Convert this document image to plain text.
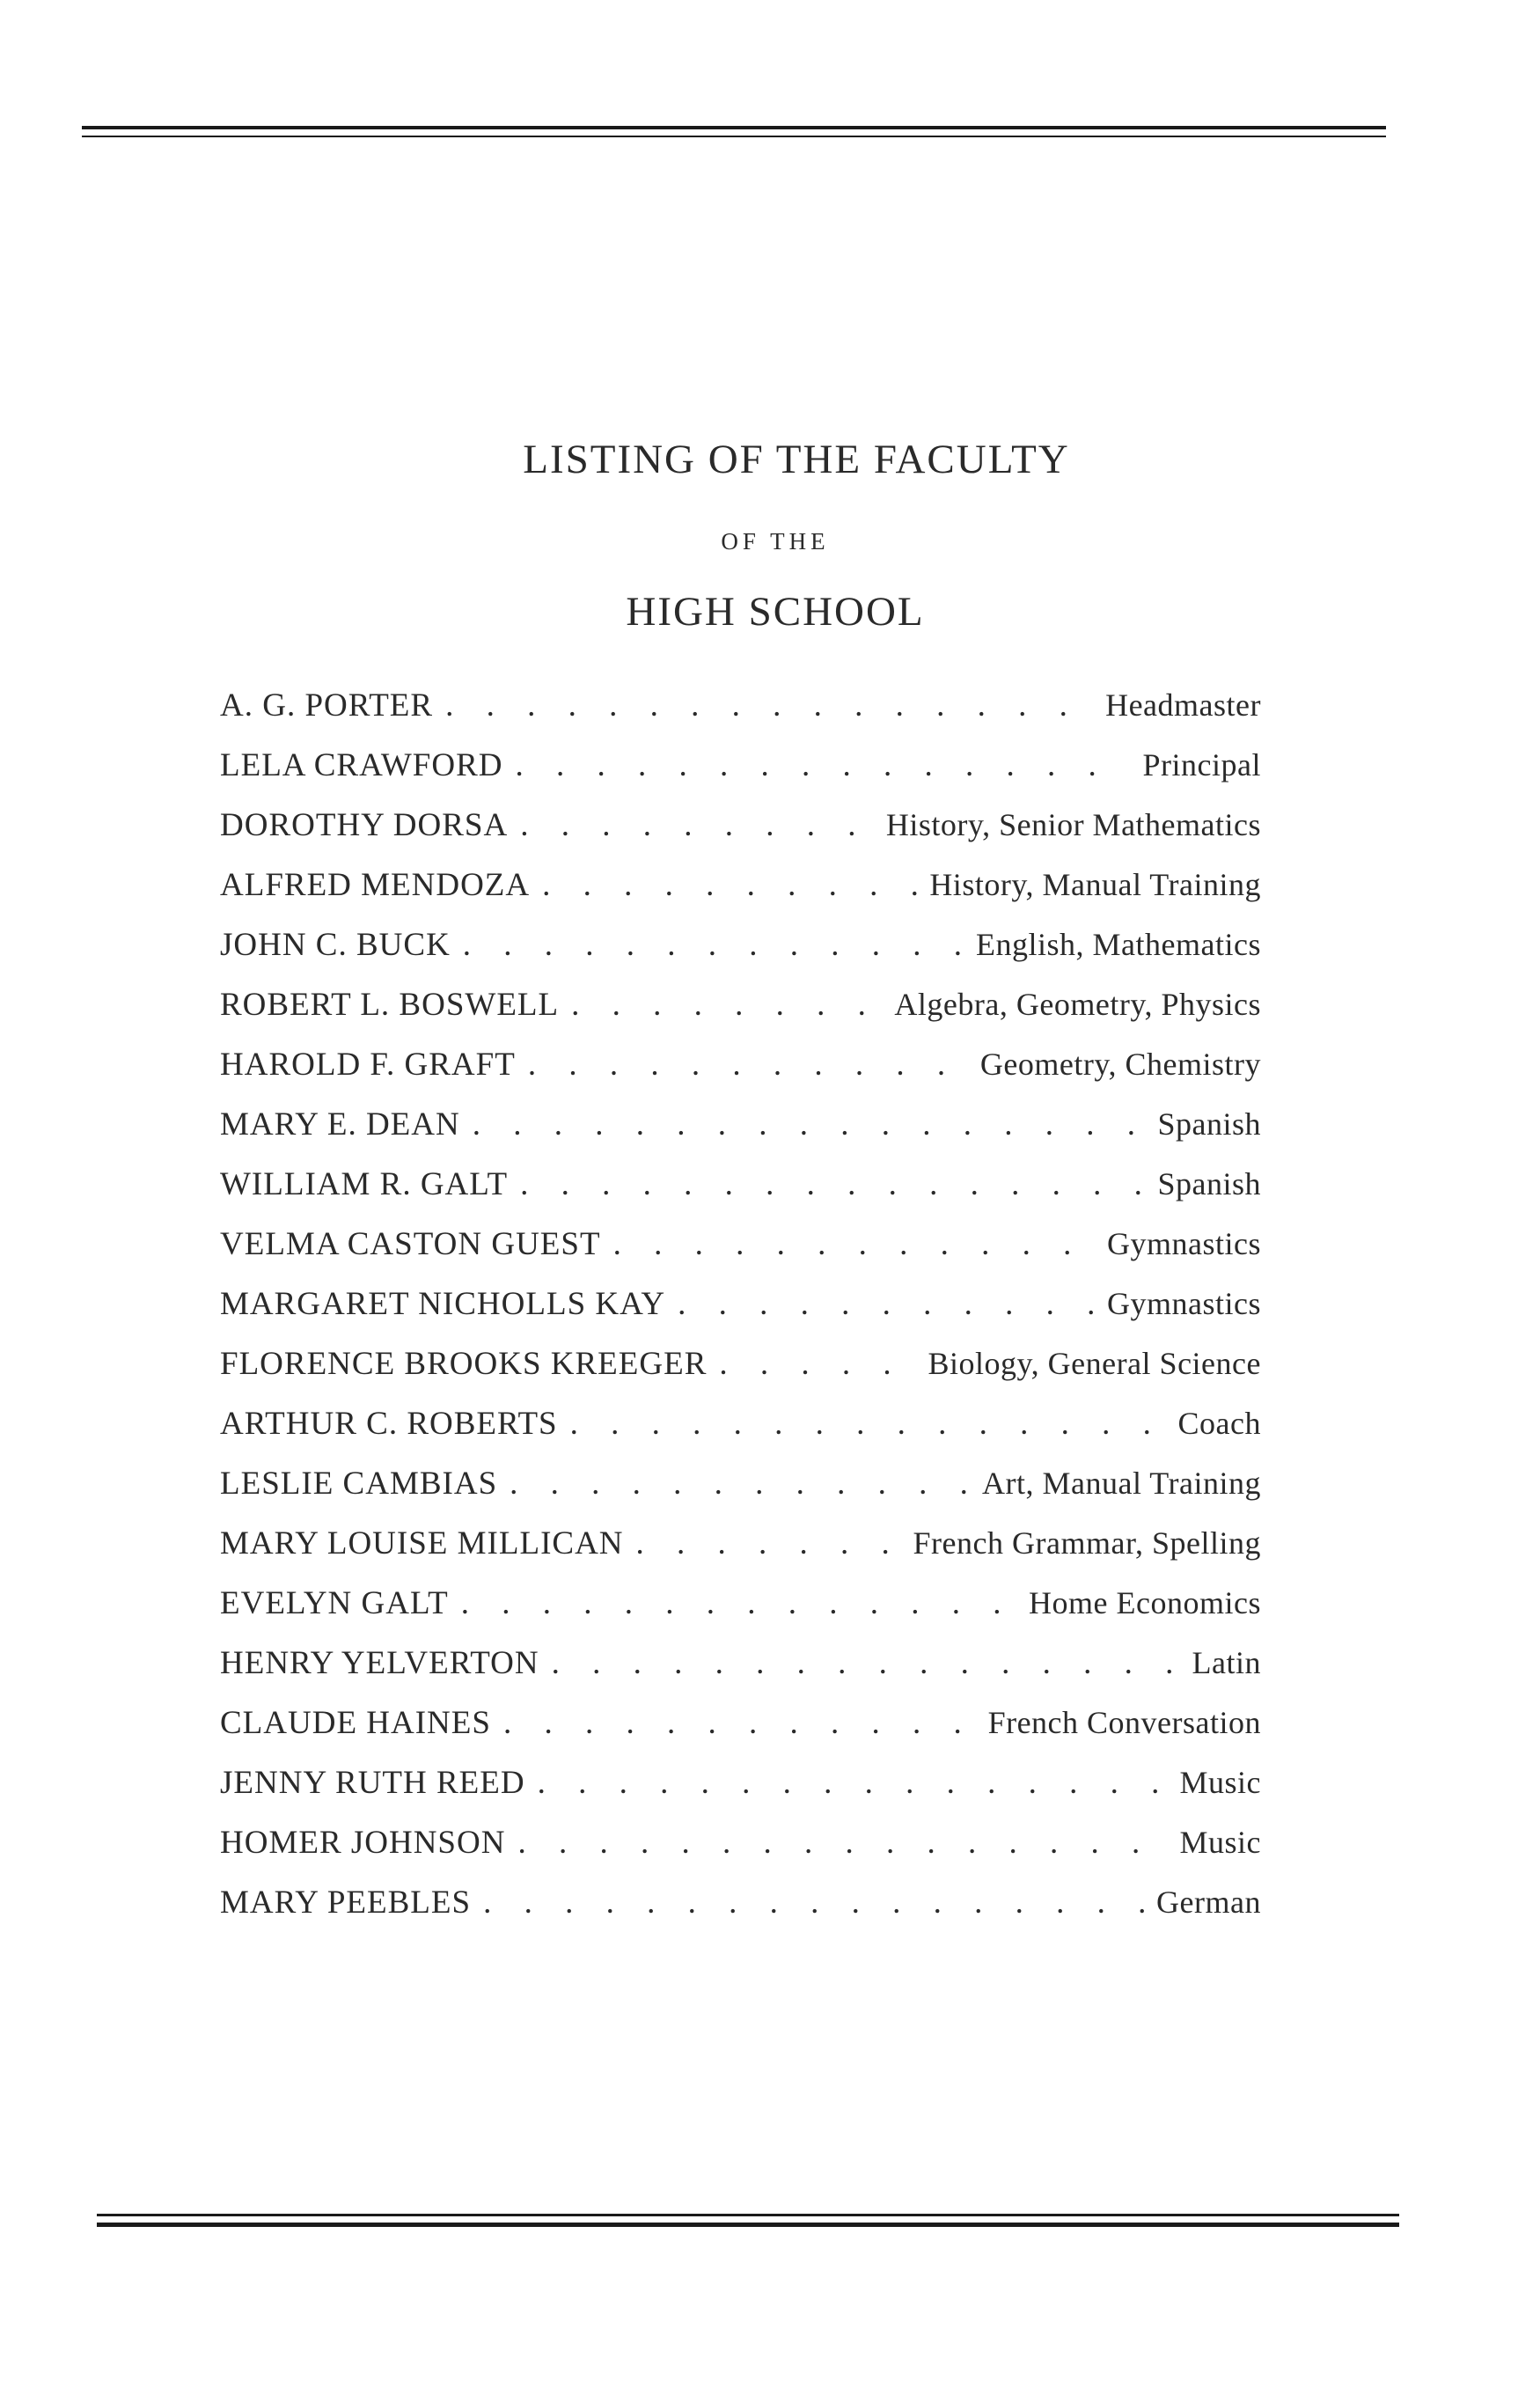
LISTING OF THE FACULTY
OF THE
HIGH SCHOOL
A. G. PORTER . . .	Headmaster
LELA CRAWFORD . . .	Principal
DOROTHY DORSA . . .	History, Senior Mathematics
ALFRED MENDOZA . . .	History, Manual Training
JOHN C. BUCK . . .	English, Mathematics
ROBERT L. BOSWELL . . .	Algebra, Geometry, Physics
HAROLD F. GRAFT . . .	Geometry, Chemistry
MARY E. DEAN . . .	Spanish
WILLIAM R. GALT . . .	Spanish
VELMA CASTON GUEST . . .	Gymnastics
MARGARET NICHOLLS KAY . . .	Gymnastics
FLORENCE BROOKS KREEGER . . .	Biology, General Science
ARTHUR C. ROBERTS . . .	Coach
LESLIE CAMBIAS . . .	Art, Manual Training
MARY LOUISE MILLICAN . . .	French Grammar, Spelling
EVELYN GALT . . .	Home Economics
HENRY YELVERTON . . .	Latin
CLAUDE HAINES . . .	French Conversation
JENNY RUTH REED . . .	Music
HOMER JOHNSON . . .	Music
MARY PEEBLES . . .	German
